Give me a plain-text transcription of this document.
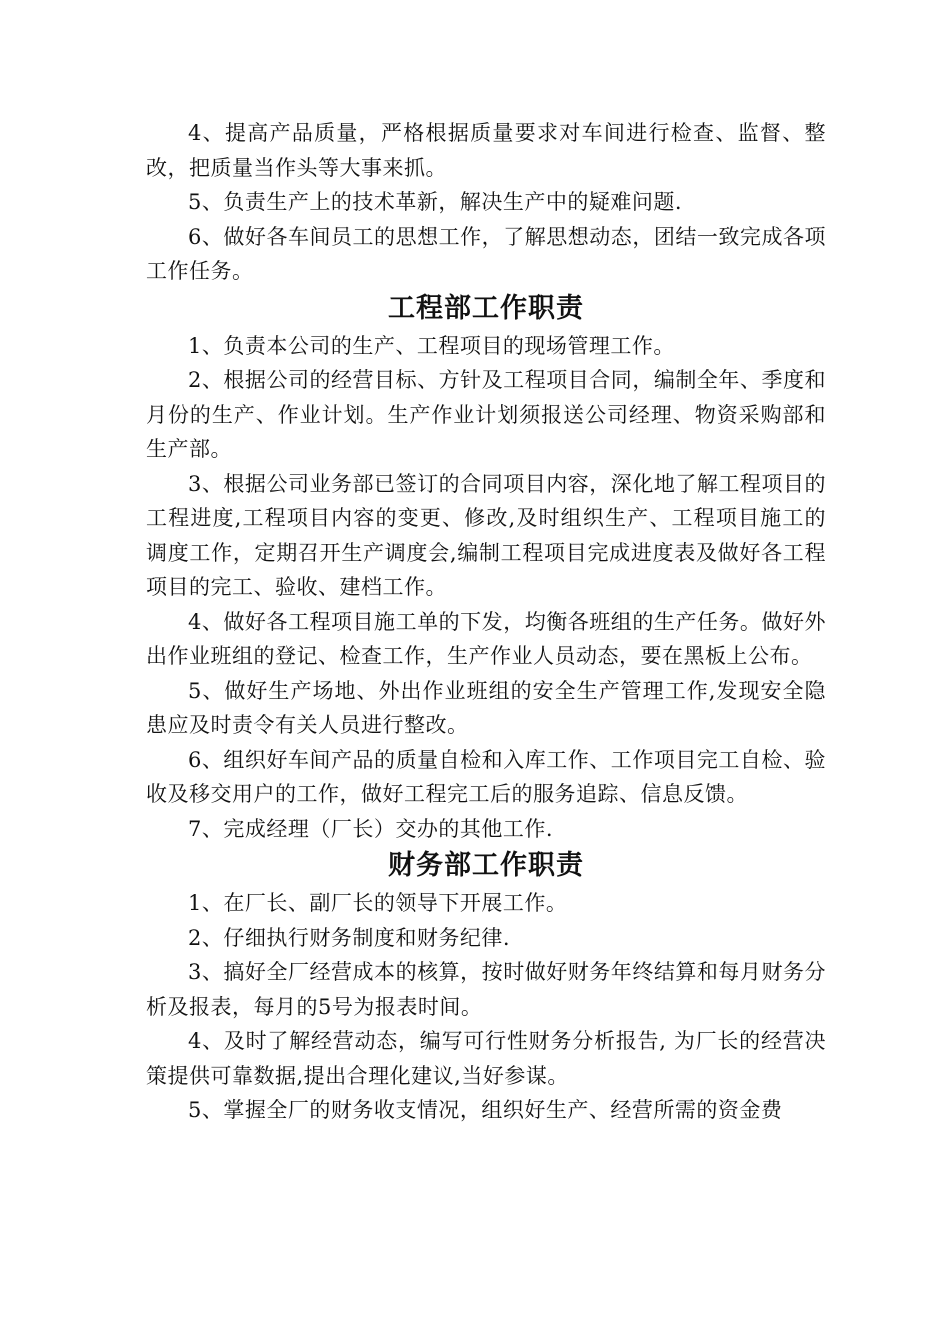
4、提高产品质量，严格根据质量要求对车间进行检查、监督、整改，把质量当作头等大事来抓。

5、负责生产上的技术革新，解决生产中的疑难问题.

6、做好各车间员工的思想工作，了解思想动态，团结一致完成各项工作任务。

工程部工作职责

1、负责本公司的生产、工程项目的现场管理工作。

2、根据公司的经营目标、方针及工程项目合同，编制全年、季度和月份的生产、作业计划。生产作业计划须报送公司经理、物资采购部和生产部。

3、根据公司业务部已签订的合同项目内容，深化地了解工程项目的工程进度,工程项目内容的变更、修改,及时组织生产、工程项目施工的调度工作，定期召开生产调度会,编制工程项目完成进度表及做好各工程项目的完工、验收、建档工作。

4、做好各工程项目施工单的下发，均衡各班组的生产任务。做好外出作业班组的登记、检查工作，生产作业人员动态，要在黑板上公布。

5、做好生产场地、外出作业班组的安全生产管理工作,发现安全隐患应及时责令有关人员进行整改。

6、组织好车间产品的质量自检和入库工作、工作项目完工自检、验收及移交用户的工作，做好工程完工后的服务追踪、信息反馈。

7、完成经理（厂长）交办的其他工作.

财务部工作职责

1、在厂长、副厂长的领导下开展工作。

2、仔细执行财务制度和财务纪律.

3、搞好全厂经营成本的核算，按时做好财务年终结算和每月财务分析及报表，每月的5号为报表时间。

4、及时了解经营动态，编写可行性财务分析报告, 为厂长的经营决策提供可靠数据,提出合理化建议,当好参谋。

5、掌握全厂的财务收支情况，组织好生产、经营所需的资金费
